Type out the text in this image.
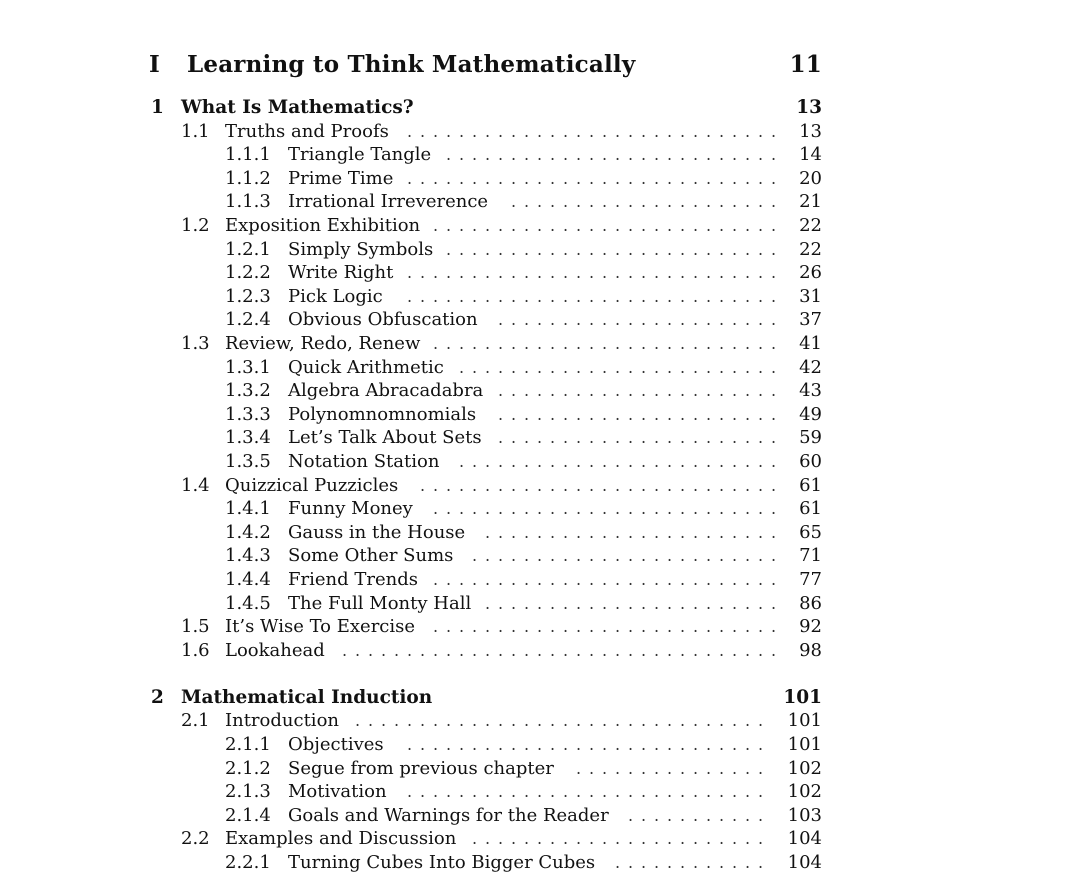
I Learning to Think Mathematically	11
1 What Is Mathematics?	13
1.1 Truths and Proofs	13
. . . . . . . . . . . . . . . . . . . . . . . . . . . . .
1.1.1 Triangle Tangle	14
. . . . . . . . . . . . . . . . . . . . . . . . . .
1.1.2 Prime Time	20
. . . . . . . . . . . . . . . . . . . . . . . . . . . . .
1.1.3 Irrational Irreverence	21
. . . . . . . . . . . . . . . . . . . . .
1.2 Exposition Exhibition	22
. . . . . . . . . . . . . . . . . . . . . . . . . . .
1.2.1 Simply Symbols	22
. . . . . . . . . . . . . . . . . . . . . . . . . .
1.2.2 Write Right	26
. . . . . . . . . . . . . . . . . . . . . . . . . . . . .
1.2.3 Pick Logic	31
. . . . . . . . . . . . . . . . . . . . . . . . . . . . .
1.2.4 Obvious Obfuscation	37
. . . . . . . . . . . . . . . . . . . . . .
1.3 Review, Redo, Renew	41
. . . . . . . . . . . . . . . . . . . . . . . . . . .
1.3.1 Quick Arithmetic	42
. . . . . . . . . . . . . . . . . . . . . . . . .
1.3.2 Algebra Abracadabra	43
. . . . . . . . . . . . . . . . . . . . . .
1.3.3 Polynomnomnomials	49
. . . . . . . . . . . . . . . . . . . . . .
1.3.4 Let’s Talk About Sets	59
. . . . . . . . . . . . . . . . . . . . . .
1.3.5 Notation Station	60
. . . . . . . . . . . . . . . . . . . . . . . . .
1.4 Quizzical Puzzicles	61
. . . . . . . . . . . . . . . . . . . . . . . . . . . .
1.4.1 Funny Money	61
. . . . . . . . . . . . . . . . . . . . . . . . . . .
1.4.2 Gauss in the House	65
. . . . . . . . . . . . . . . . . . . . . . .
1.4.3 Some Other Sums	71
. . . . . . . . . . . . . . . . . . . . . . . .
1.4.4 Friend Trends	77
. . . . . . . . . . . . . . . . . . . . . . . . . . .
1.4.5 The Full Monty Hall	86
. . . . . . . . . . . . . . . . . . . . . . .
1.5 It’s Wise To Exercise	92
. . . . . . . . . . . . . . . . . . . . . . . . . . .
1.6 Lookahead	98
. . . . . . . . . . . . . . . . . . . . . . . . . . . . . . . . . .
2 Mathematical Induction	101
2.1 Introduction	101
. . . . . . . . . . . . . . . . . . . . . . . . . . . . . . . .
2.1.1 Objectives	101
. . . . . . . . . . . . . . . . . . . . . . . . . . . .
2.1.2 Segue from previous chapter	102
. . . . . . . . . . . . . . .
2.1.3 Motivation	102
. . . . . . . . . . . . . . . . . . . . . . . . . . . .
2.1.4 Goals and Warnings for the Reader	103
. . . . . . . . . . .
2.2 Examples and Discussion	104
. . . . . . . . . . . . . . . . . . . . . . .
2.2.1 Turning Cubes Into Bigger Cubes	104
. . . . . . . . . . . .
